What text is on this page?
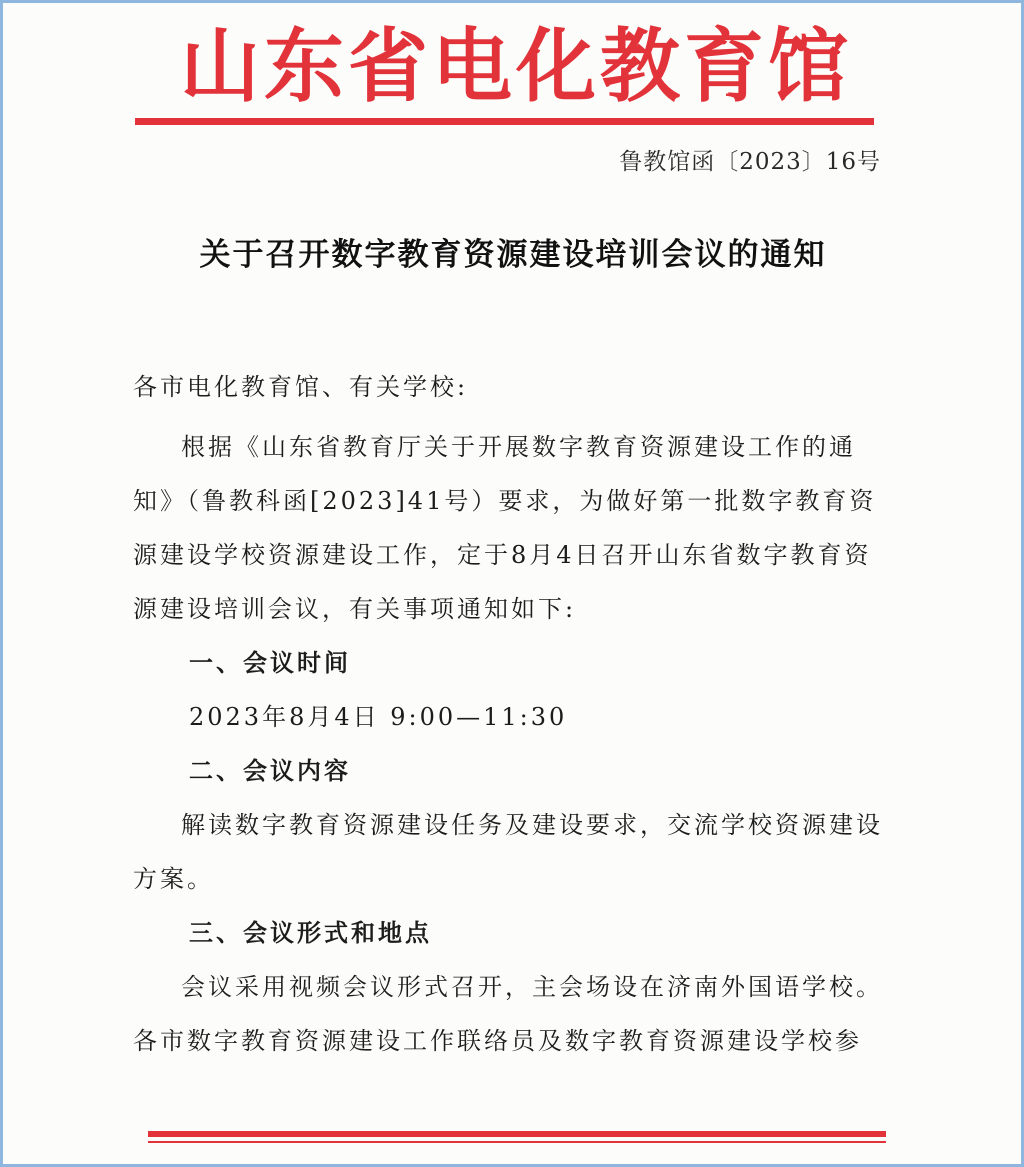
山东省电化教育馆
鲁教馆函〔2023〕16号
关于召开数字教育资源建设培训会议的通知

各市电化教育馆、有关学校:

根据《山东省教育厅关于开展数字教育资源建设工作的通知》（鲁教科函[2023]41号）要求，为做好第一批数字教育资源建设学校资源建设工作，定于8月4日召开山东省数字教育资源建设培训会议，有关事项通知如下:

一、会议时间

2023年8月4日 9:00—11:30

二、会议内容

解读数字教育资源建设任务及建设要求，交流学校资源建设方案。

三、会议形式和地点

会议采用视频会议形式召开，主会场设在济南外国语学校。各市数字教育资源建设工作联络员及数字教育资源建设学校参
